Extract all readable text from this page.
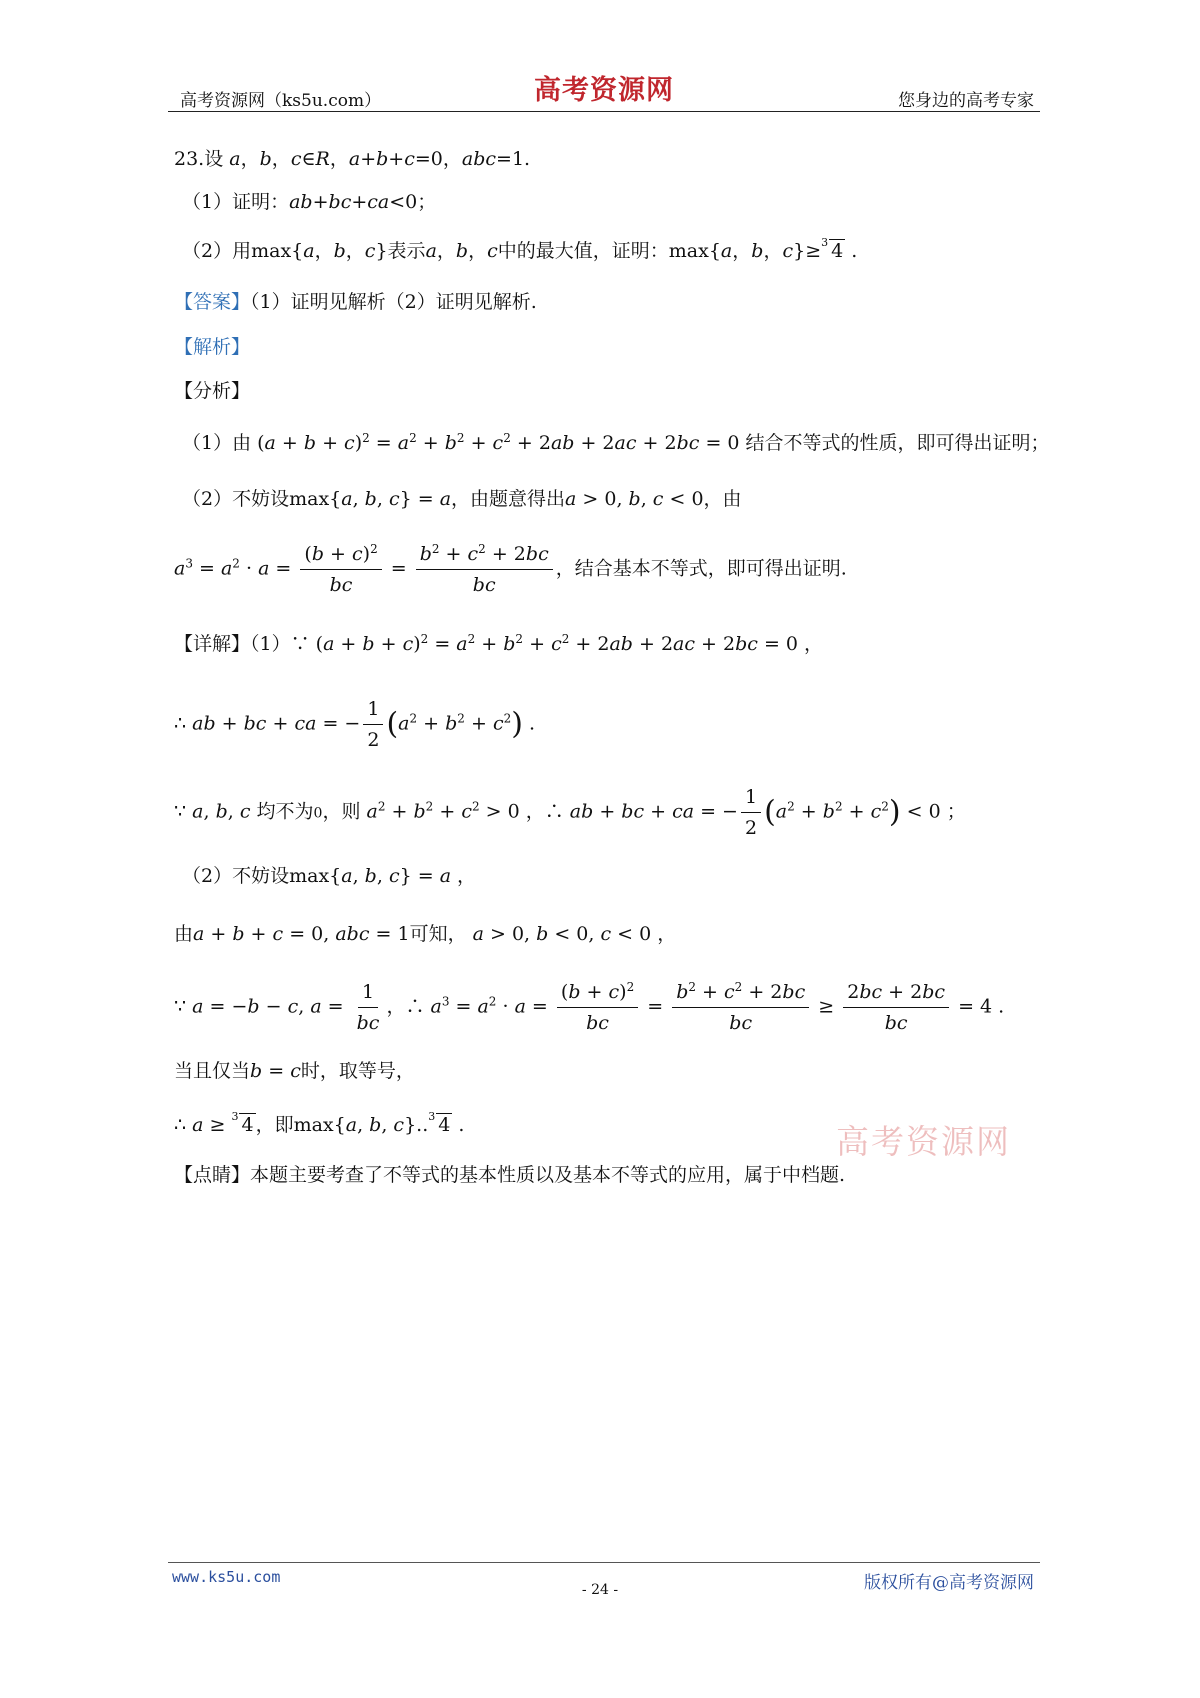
高考资源网（ks5u.com）	高考资源网	您身边的高考专家
23.设 a，b，c∈R，a+b+c=0，abc=1.
（1）证明：ab+bc+ca<0；
（2）用max{a，b，c}表示a，b，c中的最大值，证明：max{a，b，c}≥ 3 4 .
【答案】（1）证明见解析（2）证明见解析.
【解析】
【分析】
（1）由 $(a + b + c)^2 = a^2 + b^2 + c^2 + 2ab + 2ac + 2bc = 0$ 结合不等式的性质，即可得出证明；
（2）不妨设max{a, b, c} = a，由题意得出a > 0, b, c < 0，由
$a^3 = a^2 \cdot a = \frac{(b + c)^2}{bc} = \frac{b^2 + c^2 + 2bc}{bc}$ ，结合基本不等式，即可得出证明.
【详解】（1）∵ $(a + b + c)^2 = a^2 + b^2 + c^2 + 2ab + 2ac + 2bc = 0$ ，
∴ ab + bc + ca = − $\frac{1}{2} (a^2 + b^2 + c^2)$ .
∵ a, b, c 均不为0，则 $a^2 + b^2 + c^2 > 0$ ，∴ ab + bc + ca = − $\frac{1}{2} (a^2 + b^2 + c^2) < 0$ ；
（2）不妨设max{a, b, c} = a ，
由a + b + c = 0, abc = 1可知， a > 0, b < 0, c < 0 ，
∵ a = −b − c, $a = \frac{1}{bc}$ ，∴ $a^3 = a^2 \cdot a = \frac{(b + c)^2}{bc} = \frac{b^2 + c^2 + 2bc}{bc} \ge \frac{2bc + 2bc}{bc} = 4$ .
当且仅当b = c时，取等号，
∴ a ≥ 3 4 ，即max{a, b, c}.. 3 4 .
【点睛】本题主要考查了不等式的基本性质以及基本不等式的应用，属于中档题.
高考资源网
www.ks5u.com
- 24 -	版权所有@高考资源网
